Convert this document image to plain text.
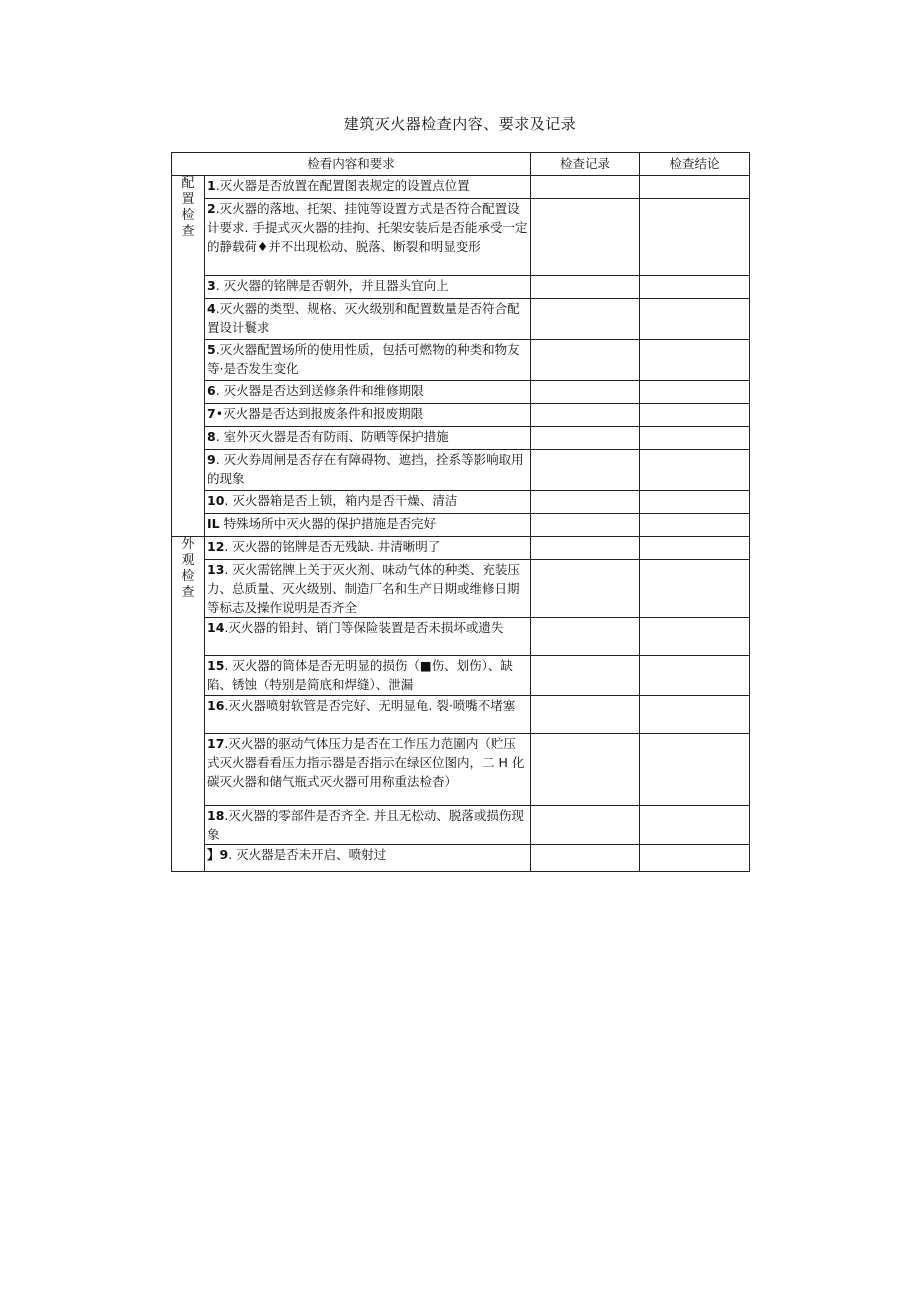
建筑灭火器检查内容、要求及记录
检看内容和要求		检查记录	检查结论
配置检查	1.灭火器是否放置在配置图表规定的设置点位置		
	2.灭火器的落地、托架、挂饨等设置方式是否符合配置设计要求. 手提式灭火器的挂拘、托架安装后是否能承受一定的静载荷♦并不出现松动、脱落、断裂和明显变形		
	3. 灭火器的铭牌是否朝外，并且器头宜向上		
	4.灭火器的类型、规格、灭火级别和配置数量是否符合配置设计鬟求		
	5.灭火器配置场所的使用性质，包括可燃物的种类和物友等·是否发生变化		
	6. 灭火器是否达到送修条件和维修期限		
	7•灭火器是否达到报废条件和报废期限		
	8. 室外灭火器是否有防雨、防晒等保护措施		
	9. 灭火券周闸是否存在有障碍物、遮挡，拴系等影响取用的现象		
	10. 灭火器箱是否上锁，箱内是否干燥、清洁		
	IL 特殊场所中灭火器的保护措施是否完好		
外观检查	12. 灭火器的铭牌是否无残缺. 井清晰明了		
	13. 灭火需铭牌上关于灭火剂、味动气体的种类、充装压力、总质量、灭火级别、制造厂名和生产日期或维修日期等标志及操作说明是否齐全		
	14.灭火器的铅封、销门等保险装置是否未损坏或遗失		
	15. 灭火器的筒体是否无明显的损伤（■伤、划伤）、缺陷、锈蚀（特别是简底和焊缝）、泄漏		
	16.灭火器喷射软管是否完好、无明显龟. 裂·喷嘴不堵塞		
	17.灭火器的驱动气体压力是否在工作压力范圍内（贮压式灭火器看看压力指示器是否指示在绿区位图内，二 H 化碳灭火器和储气瓶式灭火器可用称重法检杳）		
	18.灭火器的零部件是否齐全. 并且无松动、脱落或损伤现象		
	】9. 灭火器是否未开启、喷射过		
